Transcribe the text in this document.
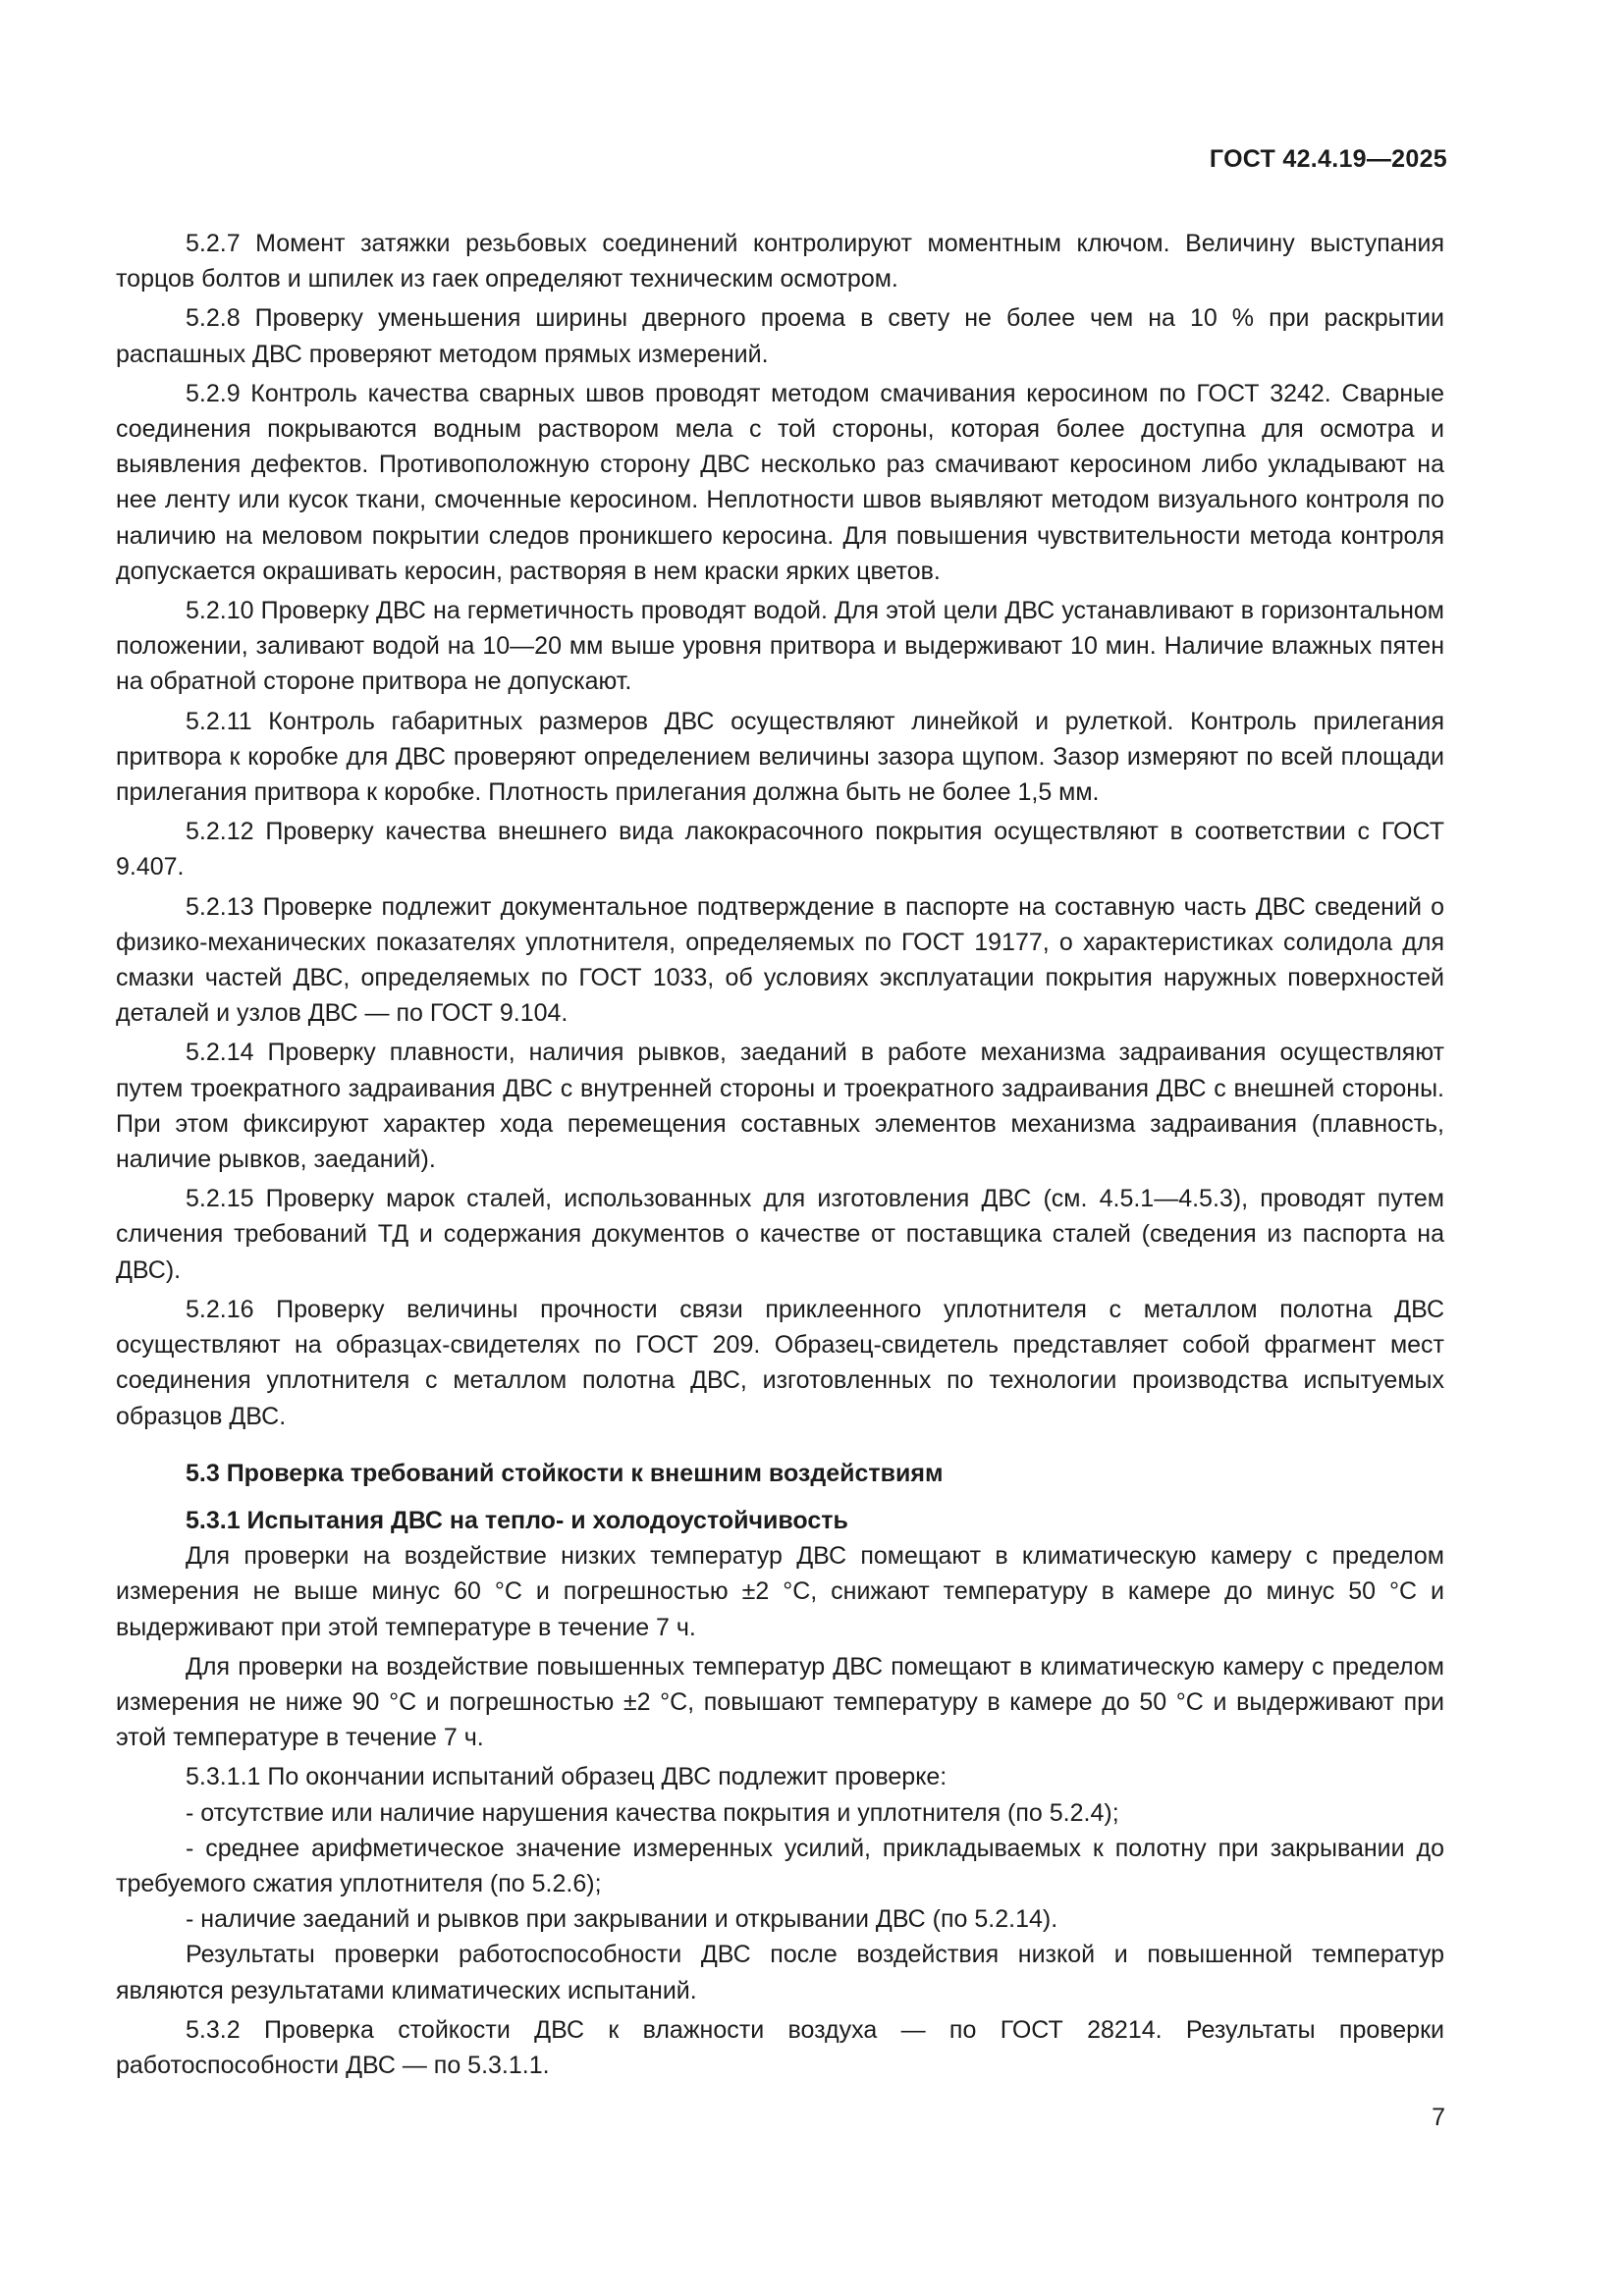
ГОСТ 42.4.19—2025

5.2.7 Момент затяжки резьбовых соединений контролируют моментным ключом. Величину выступания торцов болтов и шпилек из гаек определяют техническим осмотром.

5.2.8 Проверку уменьшения ширины дверного проема в свету не более чем на 10 % при раскрытии распашных ДВС проверяют методом прямых измерений.

5.2.9 Контроль качества сварных швов проводят методом смачивания керосином по ГОСТ 3242. Сварные соединения покрываются водным раствором мела с той стороны, которая более доступна для осмотра и выявления дефектов. Противоположную сторону ДВС несколько раз смачивают керосином либо укладывают на нее ленту или кусок ткани, смоченные керосином. Неплотности швов выявляют методом визуального контроля по наличию на меловом покрытии следов проникшего керосина. Для повышения чувствительности метода контроля допускается окрашивать керосин, растворяя в нем краски ярких цветов.

5.2.10 Проверку ДВС на герметичность проводят водой. Для этой цели ДВС устанавливают в горизонтальном положении, заливают водой на 10—20 мм выше уровня притвора и выдерживают 10 мин. Наличие влажных пятен на обратной стороне притвора не допускают.

5.2.11 Контроль габаритных размеров ДВС осуществляют линейкой и рулеткой. Контроль прилегания притвора к коробке для ДВС проверяют определением величины зазора щупом. Зазор измеряют по всей площади прилегания притвора к коробке. Плотность прилегания должна быть не более 1,5 мм.

5.2.12 Проверку качества внешнего вида лакокрасочного покрытия осуществляют в соответствии с ГОСТ 9.407.

5.2.13 Проверке подлежит документальное подтверждение в паспорте на составную часть ДВС сведений о физико-механических показателях уплотнителя, определяемых по ГОСТ 19177, о характеристиках солидола для смазки частей ДВС, определяемых по ГОСТ 1033, об условиях эксплуатации покрытия наружных поверхностей деталей и узлов ДВС — по ГОСТ 9.104.

5.2.14 Проверку плавности, наличия рывков, заеданий в работе механизма задраивания осуществляют путем троекратного задраивания ДВС с внутренней стороны и троекратного задраивания ДВС с внешней стороны. При этом фиксируют характер хода перемещения составных элементов механизма задраивания (плавность, наличие рывков, заеданий).

5.2.15 Проверку марок сталей, использованных для изготовления ДВС (см. 4.5.1—4.5.3), проводят путем сличения требований ТД и содержания документов о качестве от поставщика сталей (сведения из паспорта на ДВС).

5.2.16 Проверку величины прочности связи приклеенного уплотнителя с металлом полотна ДВС осуществляют на образцах-свидетелях по ГОСТ 209. Образец-свидетель представляет собой фрагмент мест соединения уплотнителя с металлом полотна ДВС, изготовленных по технологии производства испытуемых образцов ДВС.

5.3 Проверка требований стойкости к внешним воздействиям
5.3.1 Испытания ДВС на тепло- и холодоустойчивость

Для проверки на воздействие низких температур ДВС помещают в климатическую камеру с пределом измерения не выше минус 60 °С и погрешностью ±2 °С, снижают температуру в камере до минус 50 °С и выдерживают при этой температуре в течение 7 ч.

Для проверки на воздействие повышенных температур ДВС помещают в климатическую камеру с пределом измерения не ниже 90 °С и погрешностью ±2 °С, повышают температуру в камере до 50 °С и выдерживают при этой температуре в течение 7 ч.

5.3.1.1 По окончании испытаний образец ДВС подлежит проверке:

- отсутствие или наличие нарушения качества покрытия и уплотнителя (по 5.2.4);

- среднее арифметическое значение измеренных усилий, прикладываемых к полотну при закрывании до требуемого сжатия уплотнителя (по 5.2.6);

- наличие заеданий и рывков при закрывании и открывании ДВС (по 5.2.14).

Результаты проверки работоспособности ДВС после воздействия низкой и повышенной температур являются результатами климатических испытаний.

5.3.2 Проверка стойкости ДВС к влажности воздуха — по ГОСТ 28214. Результаты проверки работоспособности ДВС — по 5.3.1.1.

7
